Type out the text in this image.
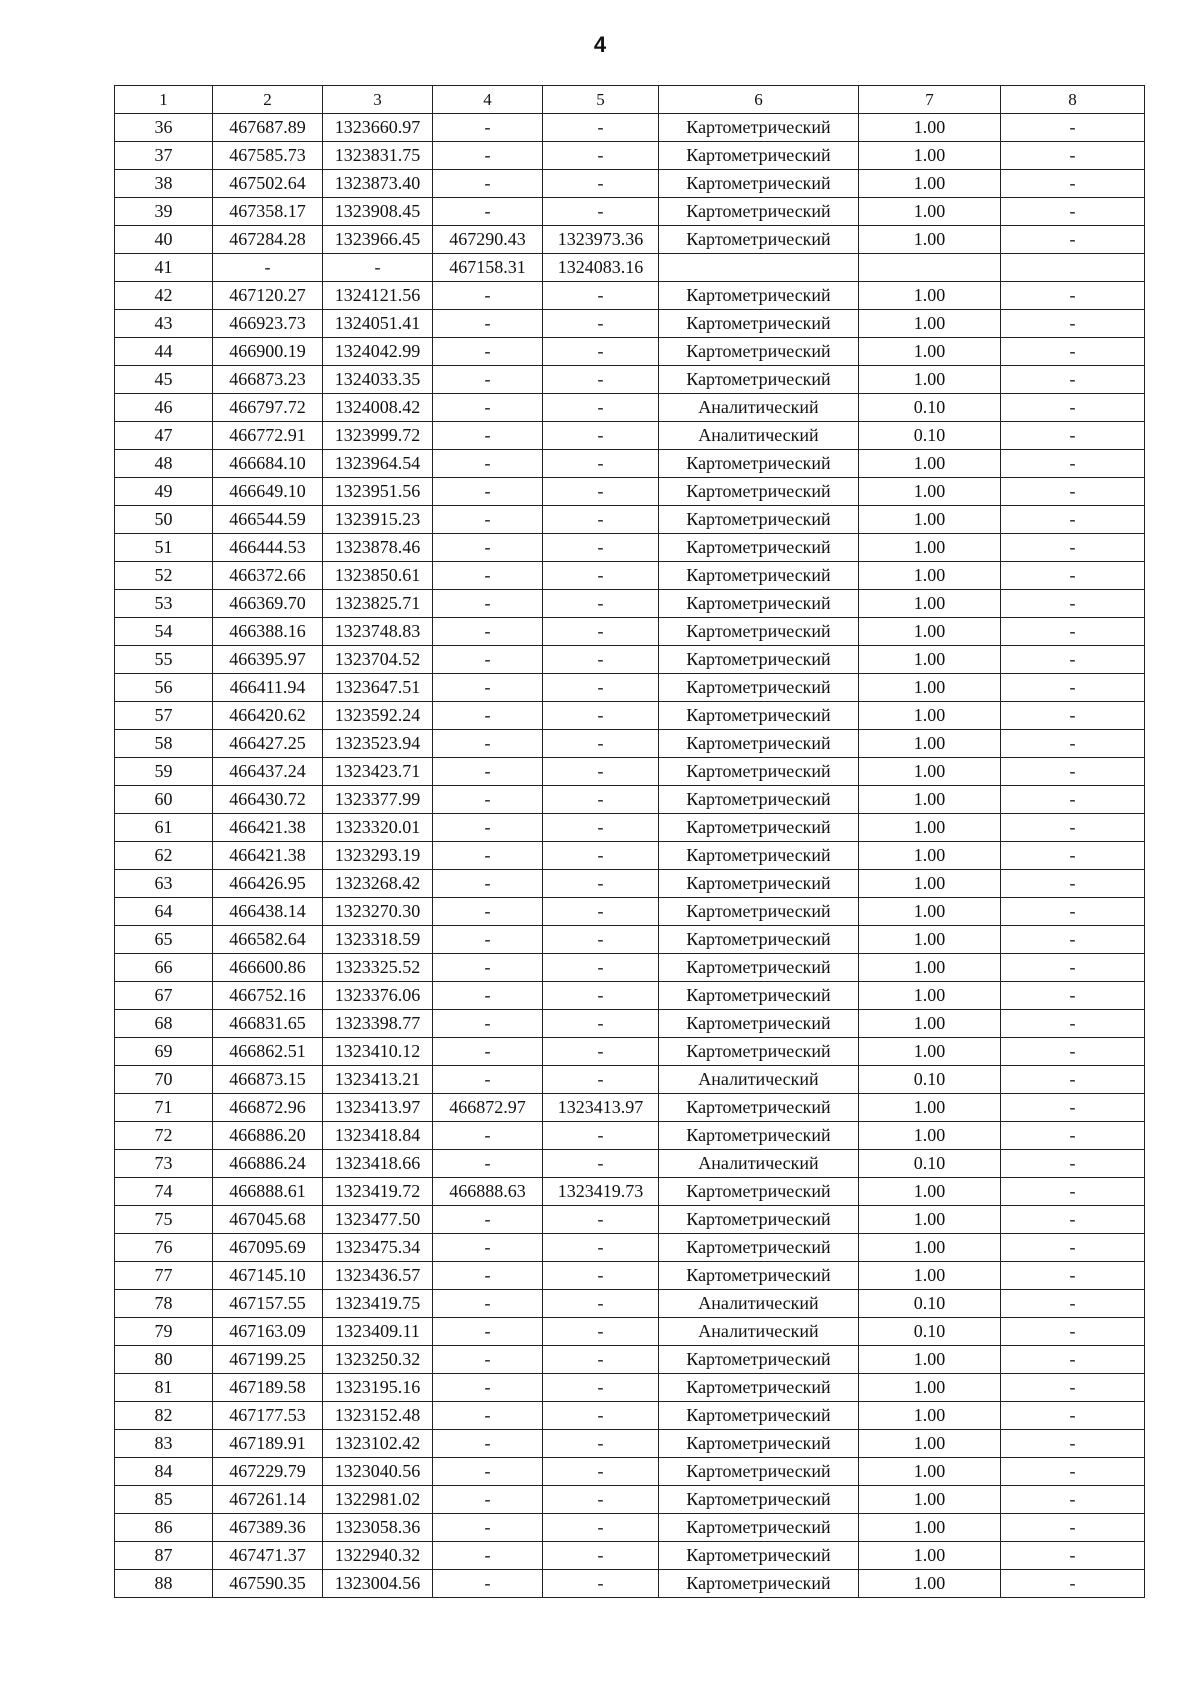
4
1	2	3	4	5	6	7	8
36	467687.89	1323660.97	-	-	Картометрический	1.00	-
37	467585.73	1323831.75	-	-	Картометрический	1.00	-
38	467502.64	1323873.40	-	-	Картометрический	1.00	-
39	467358.17	1323908.45	-	-	Картометрический	1.00	-
40	467284.28	1323966.45	467290.43	1323973.36	Картометрический	1.00	-
41	-	-	467158.31	1324083.16			
42	467120.27	1324121.56	-	-	Картометрический	1.00	-
43	466923.73	1324051.41	-	-	Картометрический	1.00	-
44	466900.19	1324042.99	-	-	Картометрический	1.00	-
45	466873.23	1324033.35	-	-	Картометрический	1.00	-
46	466797.72	1324008.42	-	-	Аналитический	0.10	-
47	466772.91	1323999.72	-	-	Аналитический	0.10	-
48	466684.10	1323964.54	-	-	Картометрический	1.00	-
49	466649.10	1323951.56	-	-	Картометрический	1.00	-
50	466544.59	1323915.23	-	-	Картометрический	1.00	-
51	466444.53	1323878.46	-	-	Картометрический	1.00	-
52	466372.66	1323850.61	-	-	Картометрический	1.00	-
53	466369.70	1323825.71	-	-	Картометрический	1.00	-
54	466388.16	1323748.83	-	-	Картометрический	1.00	-
55	466395.97	1323704.52	-	-	Картометрический	1.00	-
56	466411.94	1323647.51	-	-	Картометрический	1.00	-
57	466420.62	1323592.24	-	-	Картометрический	1.00	-
58	466427.25	1323523.94	-	-	Картометрический	1.00	-
59	466437.24	1323423.71	-	-	Картометрический	1.00	-
60	466430.72	1323377.99	-	-	Картометрический	1.00	-
61	466421.38	1323320.01	-	-	Картометрический	1.00	-
62	466421.38	1323293.19	-	-	Картометрический	1.00	-
63	466426.95	1323268.42	-	-	Картометрический	1.00	-
64	466438.14	1323270.30	-	-	Картометрический	1.00	-
65	466582.64	1323318.59	-	-	Картометрический	1.00	-
66	466600.86	1323325.52	-	-	Картометрический	1.00	-
67	466752.16	1323376.06	-	-	Картометрический	1.00	-
68	466831.65	1323398.77	-	-	Картометрический	1.00	-
69	466862.51	1323410.12	-	-	Картометрический	1.00	-
70	466873.15	1323413.21	-	-	Аналитический	0.10	-
71	466872.96	1323413.97	466872.97	1323413.97	Картометрический	1.00	-
72	466886.20	1323418.84	-	-	Картометрический	1.00	-
73	466886.24	1323418.66	-	-	Аналитический	0.10	-
74	466888.61	1323419.72	466888.63	1323419.73	Картометрический	1.00	-
75	467045.68	1323477.50	-	-	Картометрический	1.00	-
76	467095.69	1323475.34	-	-	Картометрический	1.00	-
77	467145.10	1323436.57	-	-	Картометрический	1.00	-
78	467157.55	1323419.75	-	-	Аналитический	0.10	-
79	467163.09	1323409.11	-	-	Аналитический	0.10	-
80	467199.25	1323250.32	-	-	Картометрический	1.00	-
81	467189.58	1323195.16	-	-	Картометрический	1.00	-
82	467177.53	1323152.48	-	-	Картометрический	1.00	-
83	467189.91	1323102.42	-	-	Картометрический	1.00	-
84	467229.79	1323040.56	-	-	Картометрический	1.00	-
85	467261.14	1322981.02	-	-	Картометрический	1.00	-
86	467389.36	1323058.36	-	-	Картометрический	1.00	-
87	467471.37	1322940.32	-	-	Картометрический	1.00	-
88	467590.35	1323004.56	-	-	Картометрический	1.00	-
